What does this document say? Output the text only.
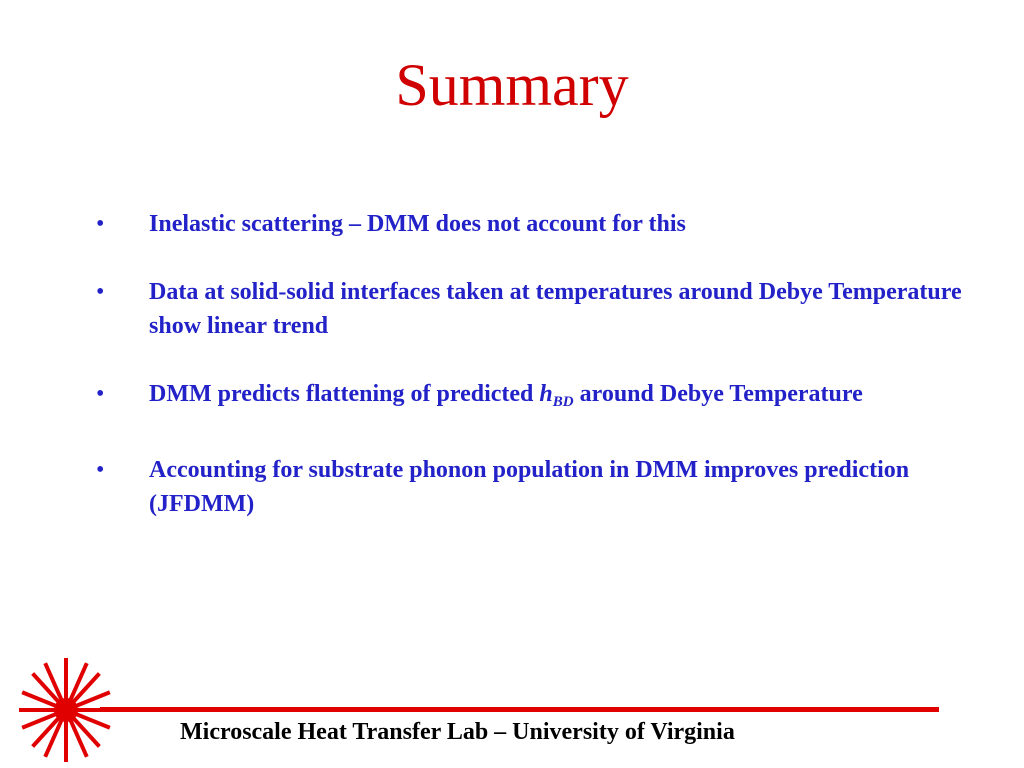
Summary
• Inelastic scattering – DMM does not account for this
• Data at solid-solid interfaces taken at temperatures around Debye Temperature show linear trend
• DMM predicts flattening of predicted $h_{BD}$ around Debye Temperature
• Accounting for substrate phonon population in DMM improves prediction (JFDMM)
Microscale Heat Transfer Lab – University of Virginia
